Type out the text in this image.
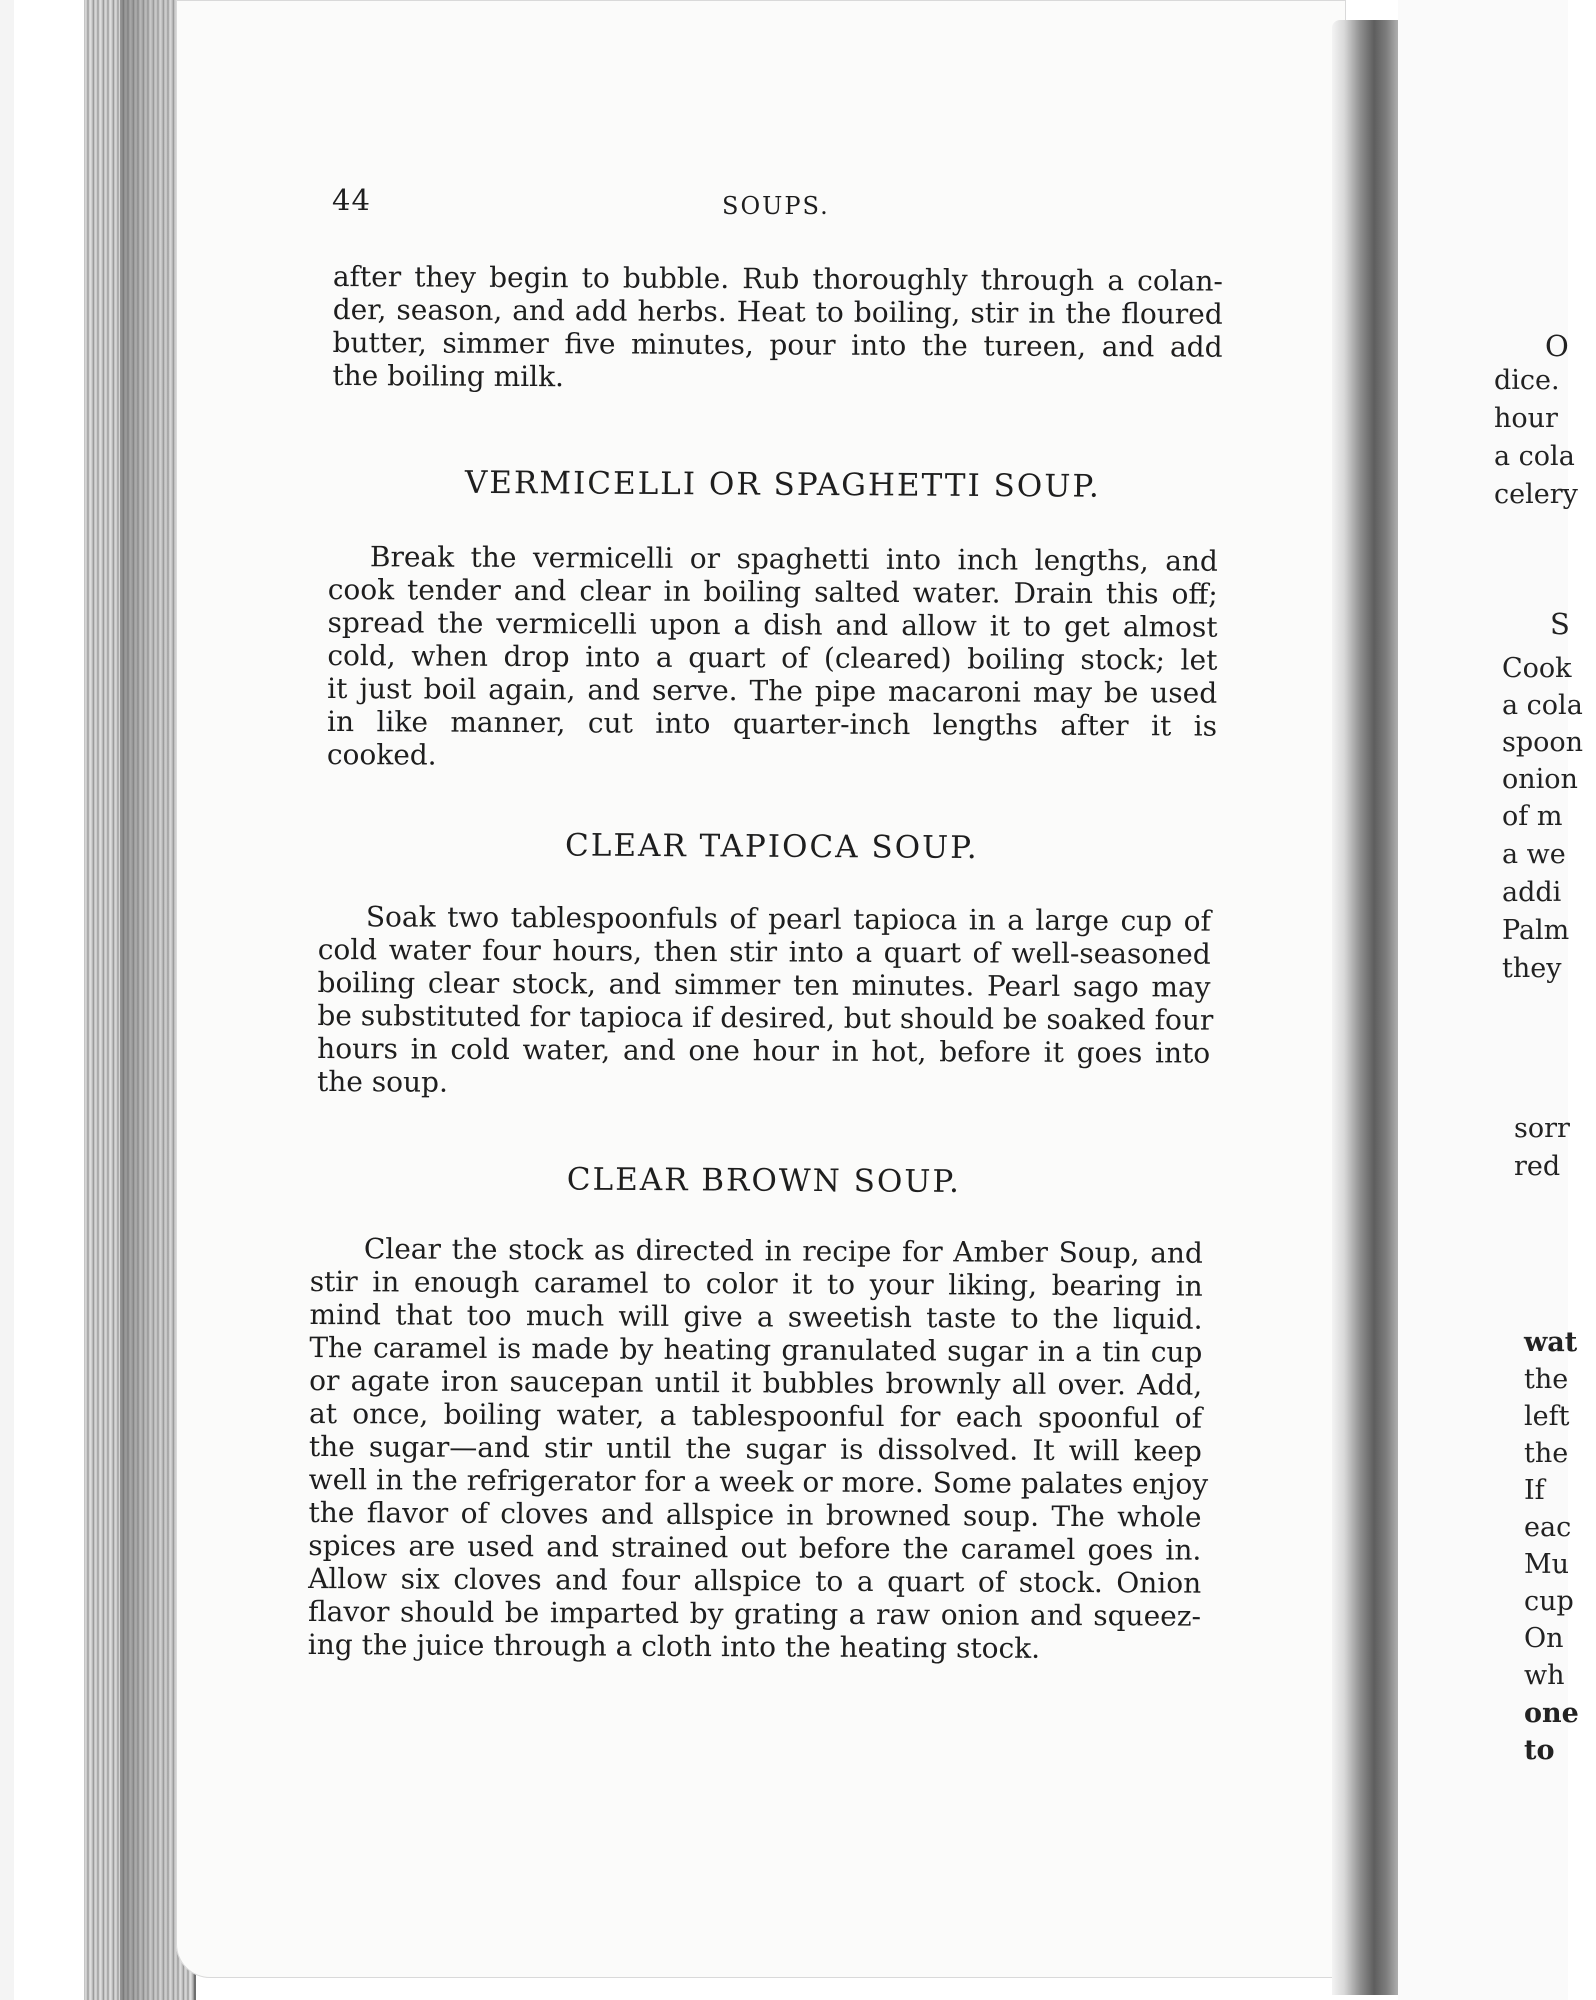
44	SOUPS.

after they begin to bubble. Rub thoroughly through a colan-
der, season, and add herbs. Heat to boiling, stir in the floured
butter, simmer five minutes, pour into the tureen, and add
the boiling milk.
VERMICELLI OR SPAGHETTI SOUP.
Break the vermicelli or spaghetti into inch lengths, and
cook tender and clear in boiling salted water. Drain this off;
spread the vermicelli upon a dish and allow it to get almost
cold, when drop into a quart of (cleared) boiling stock; let
it just boil again, and serve. The pipe macaroni may be used
in like manner, cut into quarter-inch lengths after it is
cooked.
CLEAR TAPIOCA SOUP.
Soak two tablespoonfuls of pearl tapioca in a large cup of
cold water four hours, then stir into a quart of well-seasoned
boiling clear stock, and simmer ten minutes. Pearl sago may
be substituted for tapioca if desired, but should be soaked four
hours in cold water, and one hour in hot, before it goes into
the soup.
CLEAR BROWN SOUP.
Clear the stock as directed in recipe for Amber Soup, and
stir in enough caramel to color it to your liking, bearing in
mind that too much will give a sweetish taste to the liquid.
The caramel is made by heating granulated sugar in a tin cup
or agate iron saucepan until it bubbles brownly all over. Add,
at once, boiling water, a tablespoonful for each spoonful of
the sugar—and stir until the sugar is dissolved. It will keep
well in the refrigerator for a week or more. Some palates enjoy
the flavor of cloves and allspice in browned soup. The whole
spices are used and strained out before the caramel goes in.
Allow six cloves and four allspice to a quart of stock. Onion
flavor should be imparted by grating a raw onion and squeez-
ing the juice through a cloth into the heating stock.

O

dice.

hour

a cola

celery

S

Cook

a cola

spoon

onion

of m

a we

addi

Palm

they

sorr

red

wat

the

left

the

If

eac

Mu

cup

On

wh

one

to
